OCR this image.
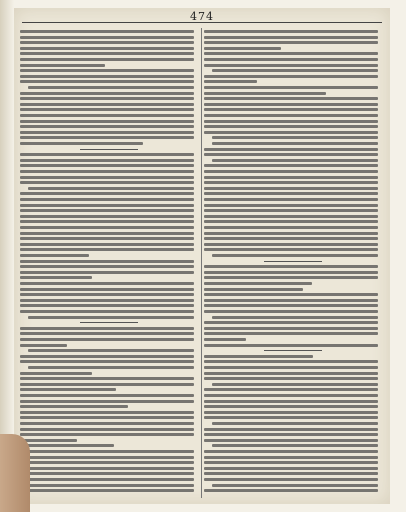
474
